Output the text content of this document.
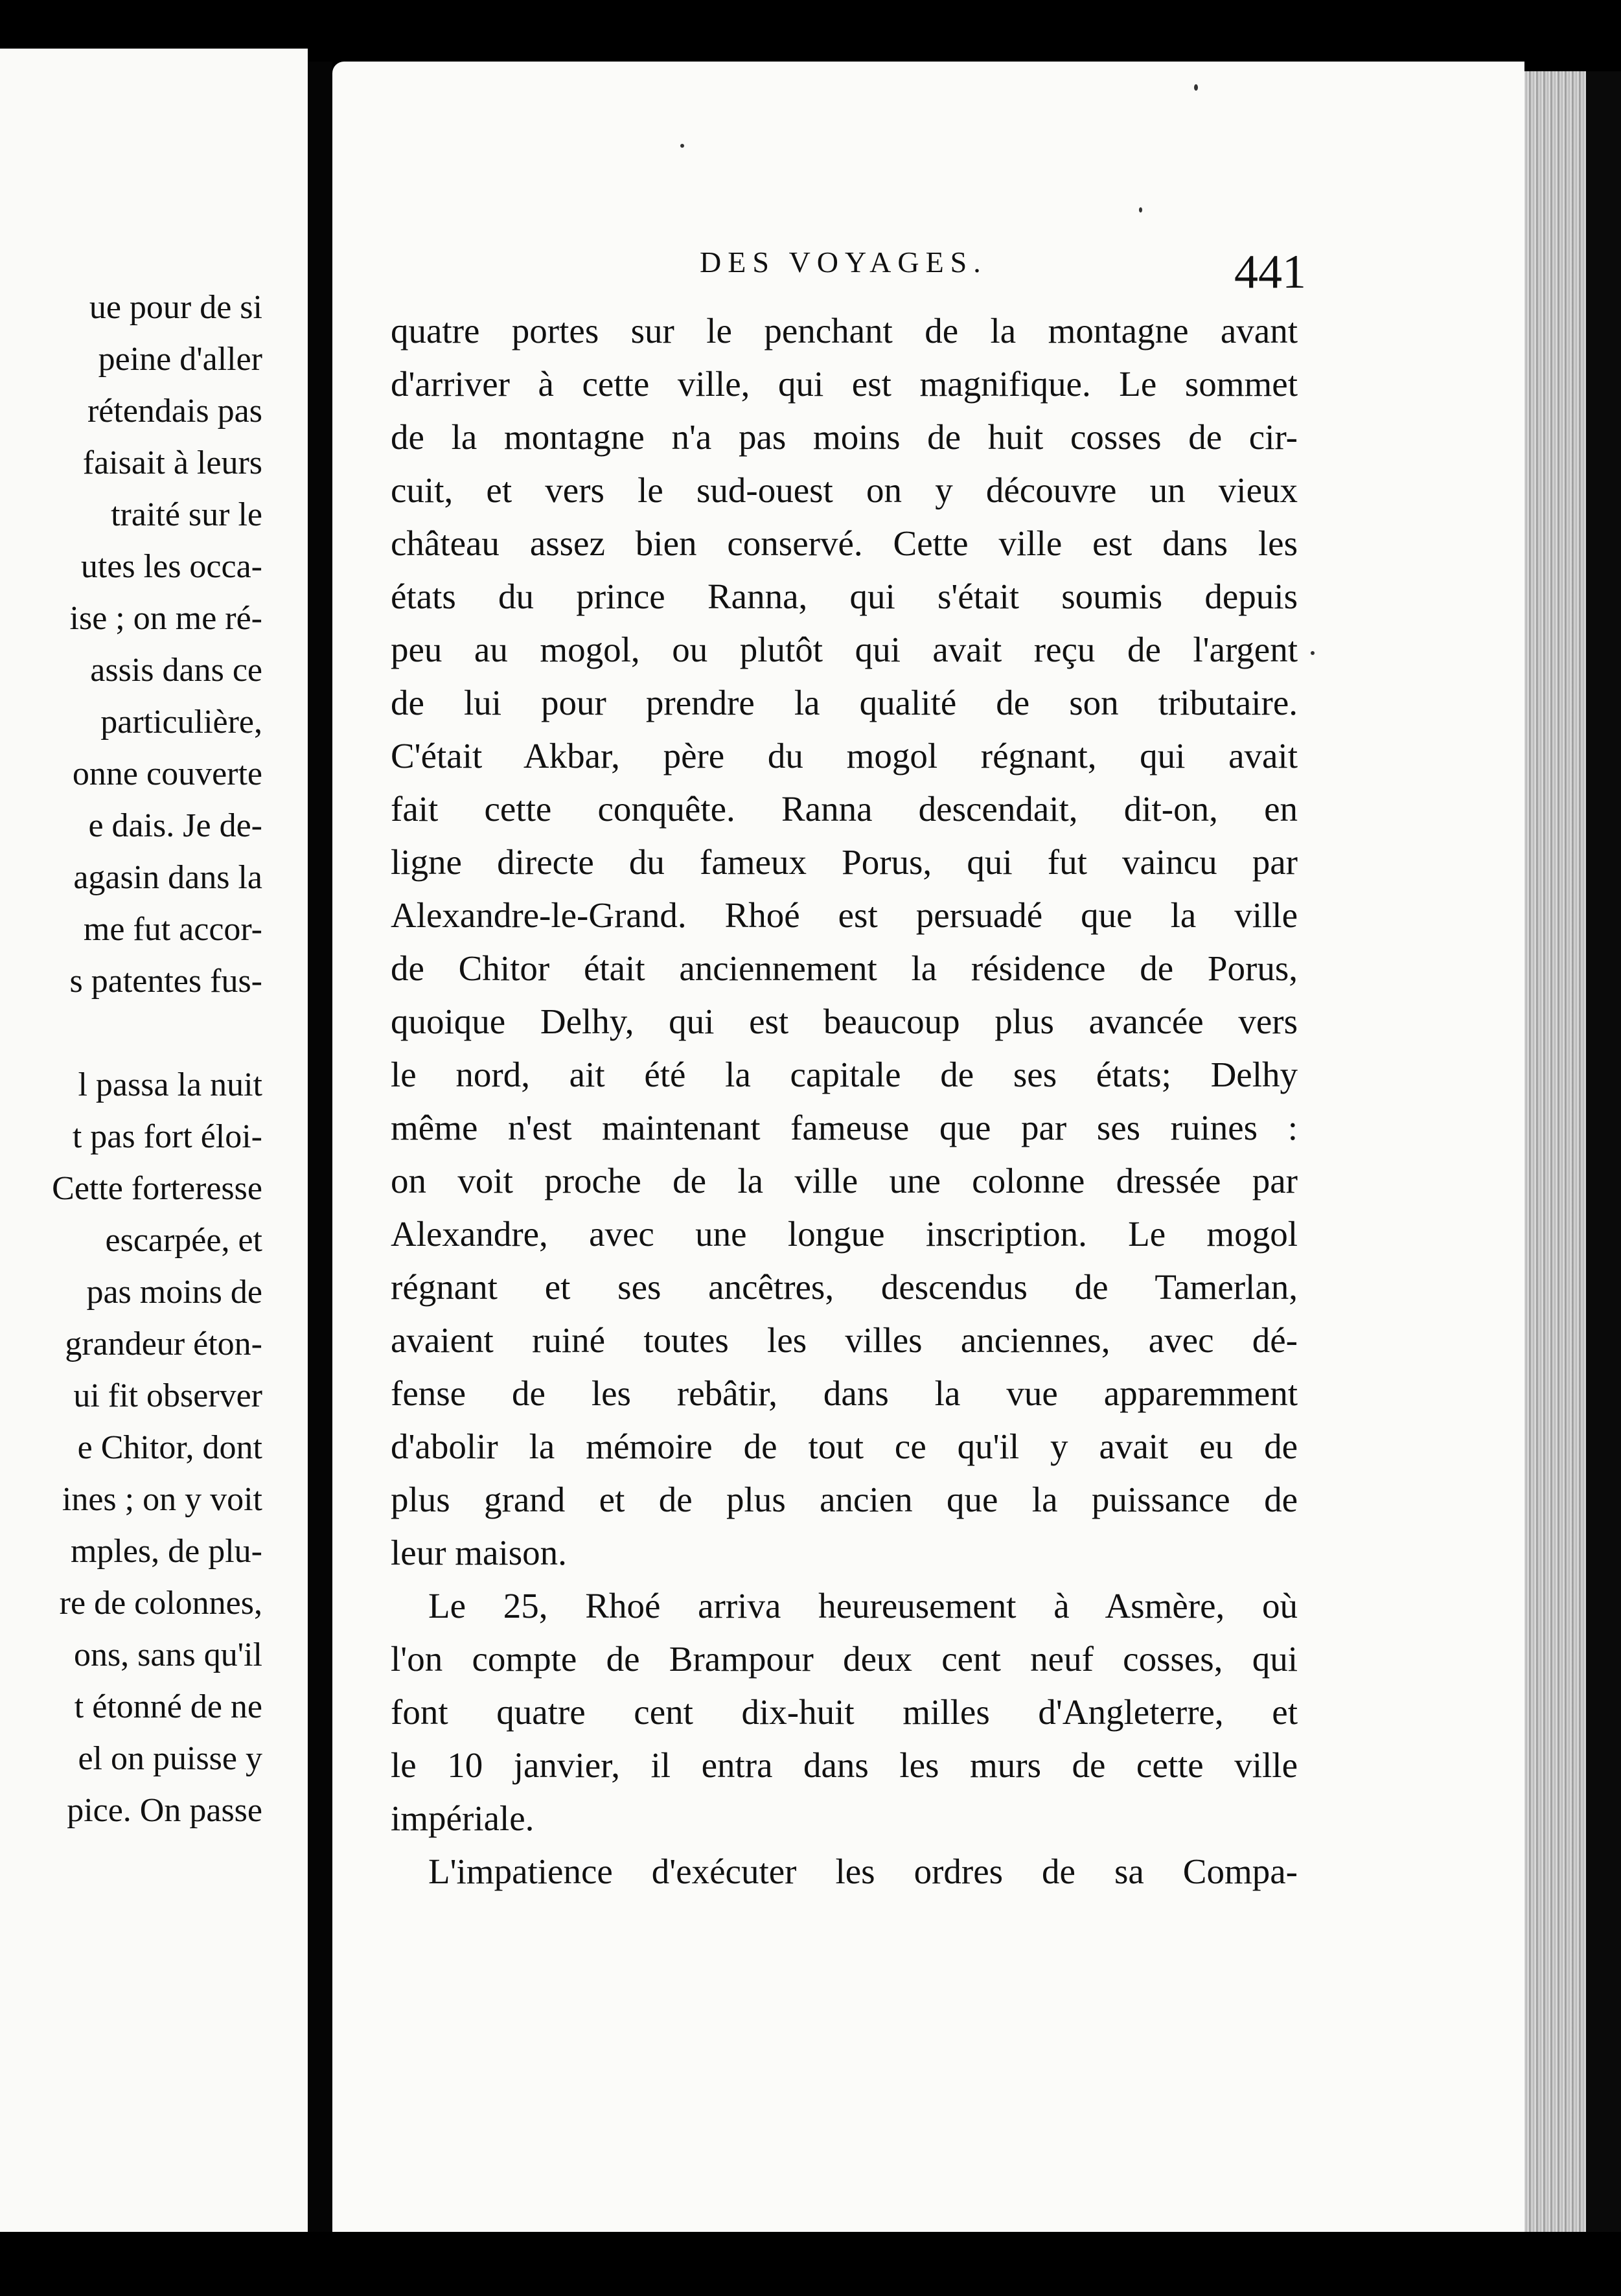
ue pour de si
peine d'aller
rétendais pas
faisait à leurs
traité sur le
utes les occa-
ise ; on me ré-
assis dans ce
particulière,
onne couverte
e dais. Je de-
agasin dans la
me fut accor-
s patentes fus-
l passa la nuit
t pas fort éloi-
Cette forteresse
escarpée, et
pas moins de
grandeur éton-
ui fit observer
e Chitor, dont
ines ; on y voit
mples, de plu-
re de colonnes,
ons, sans qu'il
t étonné de ne
el on puisse y
pice. On passe
DES VOYAGES.	441
quatre portes sur le penchant de la montagne avant
d'arriver à cette ville, qui est magnifique. Le sommet
de la montagne n'a pas moins de huit cosses de cir-
cuit, et vers le sud-ouest on y découvre un vieux
château assez bien conservé. Cette ville est dans les
états du prince Ranna, qui s'était soumis depuis
peu au mogol, ou plutôt qui avait reçu de l'argent
de lui pour prendre la qualité de son tributaire.
C'était Akbar, père du mogol régnant, qui avait
fait cette conquête. Ranna descendait, dit-on, en
ligne directe du fameux Porus, qui fut vaincu par
Alexandre-le-Grand. Rhoé est persuadé que la ville
de Chitor était anciennement la résidence de Porus,
quoique Delhy, qui est beaucoup plus avancée vers
le nord, ait été la capitale de ses états; Delhy
même n'est maintenant fameuse que par ses ruines :
on voit proche de la ville une colonne dressée par
Alexandre, avec une longue inscription. Le mogol
régnant et ses ancêtres, descendus de Tamerlan,
avaient ruiné toutes les villes anciennes, avec dé-
fense de les rebâtir, dans la vue apparemment
d'abolir la mémoire de tout ce qu'il y avait eu de
plus grand et de plus ancien que la puissance de
leur maison.
Le 25, Rhoé arriva heureusement à Asmère, où
l'on compte de Brampour deux cent neuf cosses, qui
font quatre cent dix-huit milles d'Angleterre, et
le 10 janvier, il entra dans les murs de cette ville
impériale.
L'impatience d'exécuter les ordres de sa Compa-
